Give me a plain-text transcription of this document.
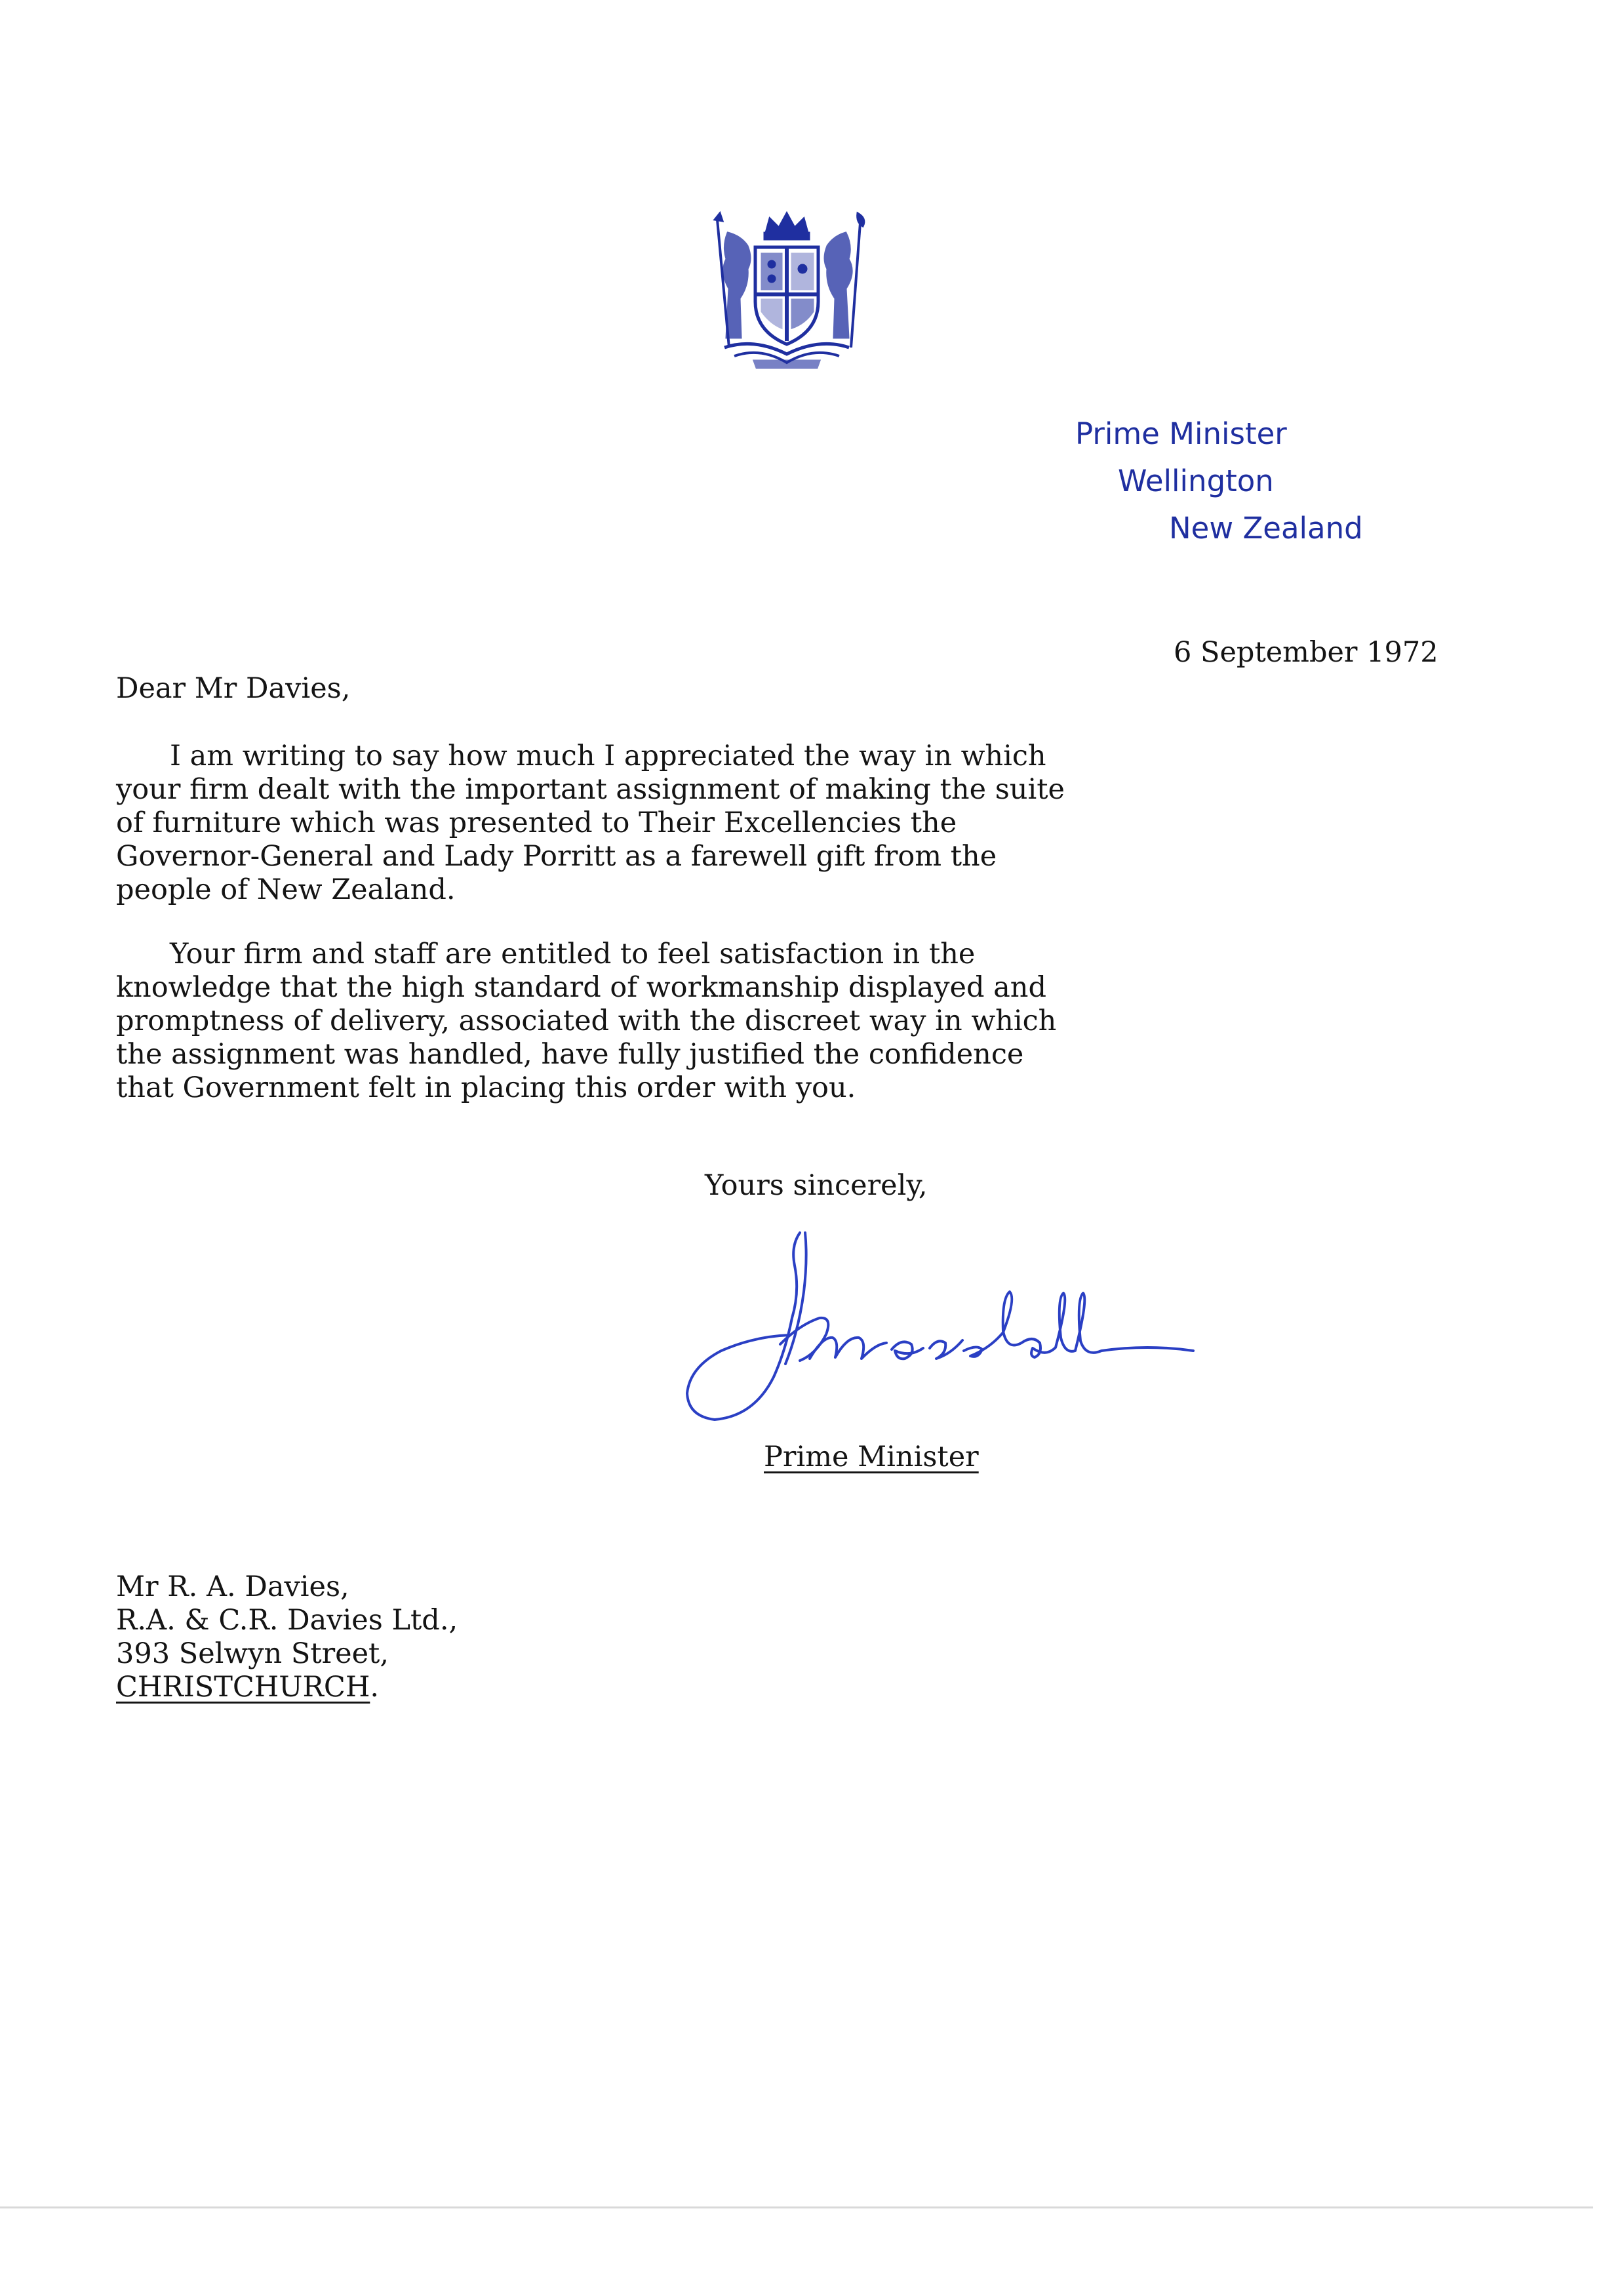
Prime Minister
Wellington
New Zealand
6 September 1972
Dear Mr Davies,
I am writing to say how much I appreciated the way in which
your firm dealt with the important assignment of making the suite
of furniture which was presented to Their Excellencies the
Governor-General and Lady Porritt as a farewell gift from the
people of New Zealand.
Your firm and staff are entitled to feel satisfaction in the
knowledge that the high standard of workmanship displayed and
promptness of delivery, associated with the discreet way in which
the assignment was handled, have fully justified the confidence
that Government felt in placing this order with you.
Yours sincerely,
Prime Minister
Mr R. A. Davies,
R.A. & C.R. Davies Ltd.,
393 Selwyn Street,
CHRISTCHURCH.
